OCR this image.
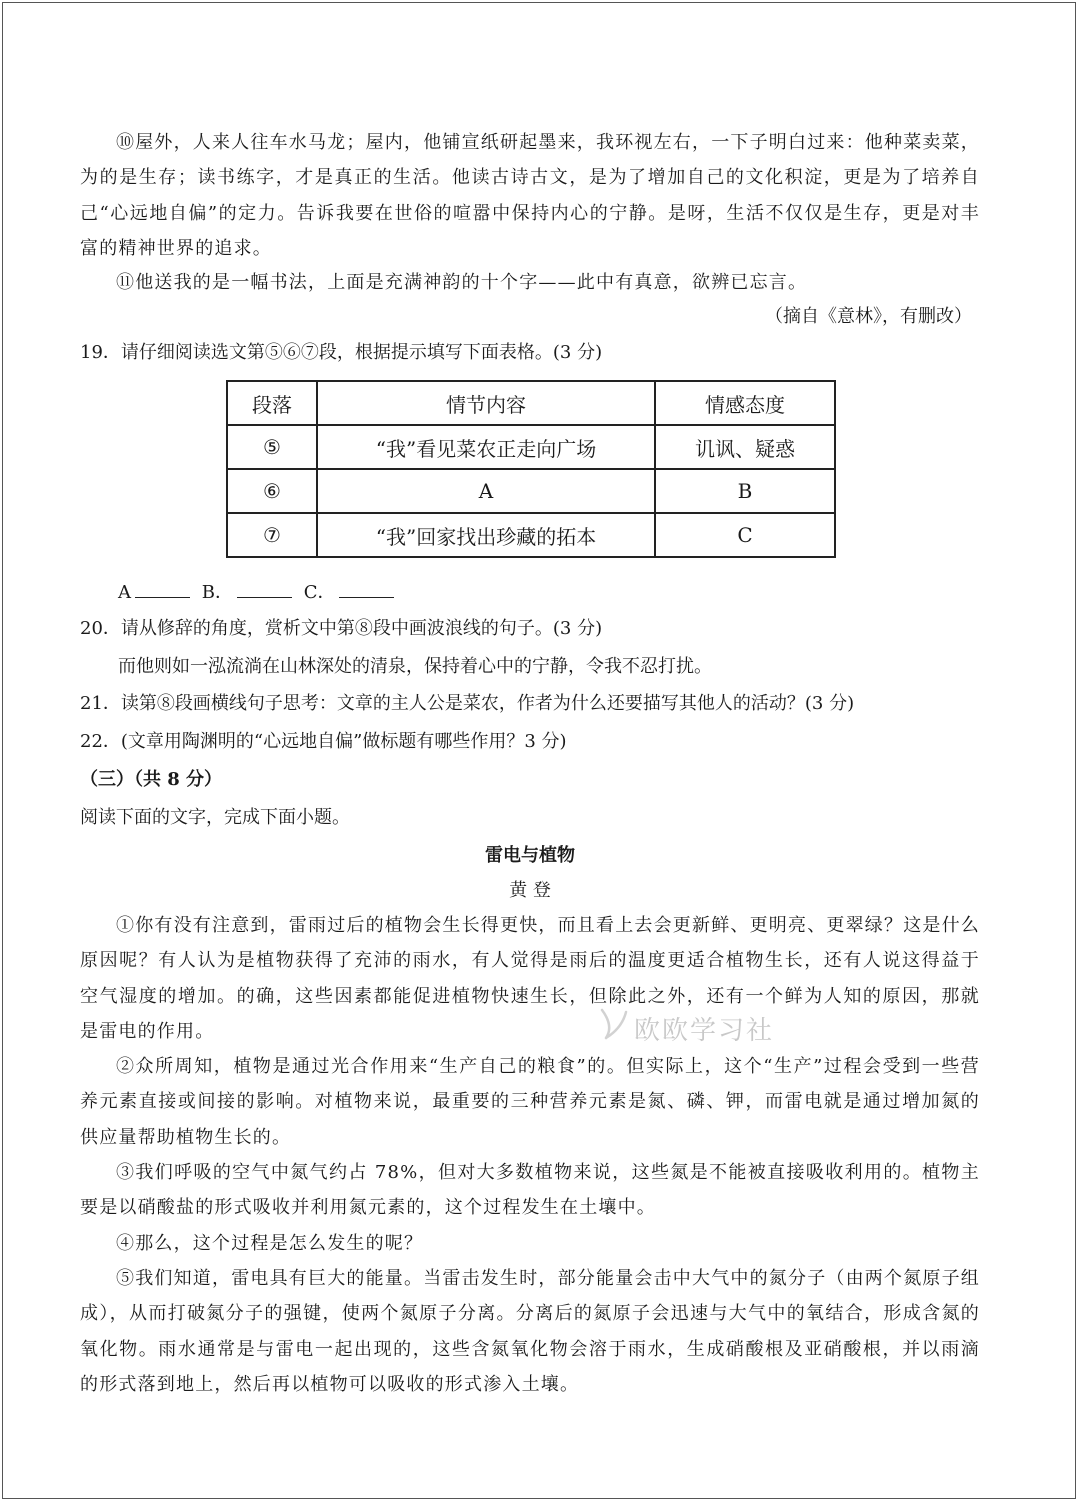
⑩屋外，人来人往车水马龙；屋内，他铺宣纸研起墨来，我环视左右，一下子明白过来：他种菜卖菜，为的是生存；读书练字，才是真正的生活。他读古诗古文，是为了增加自己的文化积淀，更是为了培养自己“心远地自偏”的定力。告诉我要在世俗的喧嚣中保持内心的宁静。是呀，生活不仅仅是生存，更是对丰富的精神世界的追求。

⑪他送我的是一幅书法，上面是充满神韵的十个字——此中有真意，欲辨已忘言。

（摘自《意林》，有删改）
19．请仔细阅读选文第⑤⑥⑦段，根据提示填写下面表格。(3 分)
段落	情节内容	情感态度
⑤	“我”看见菜农正走向广场	讥讽、疑惑
⑥	A	B
⑦	“我”回家找出珍藏的拓本	C
A	B．	C．
20．请从修辞的角度，赏析文中第⑧段中画波浪线的句子。(3 分)
而他则如一泓流淌在山林深处的清泉，保持着心中的宁静，令我不忍打扰。
21．读第⑧段画横线句子思考：文章的主人公是菜农，作者为什么还要描写其他人的活动？(3 分)
22．(文章用陶渊明的“心远地自偏”做标题有哪些作用？3 分)
（三）（共 8 分）
阅读下面的文字，完成下面小题。
雷电与植物
黄 登

①你有没有注意到，雷雨过后的植物会生长得更快，而且看上去会更新鲜、更明亮、更翠绿？这是什么原因呢？有人认为是植物获得了充沛的雨水，有人觉得是雨后的温度更适合植物生长，还有人说这得益于空气湿度的增加。的确，这些因素都能促进植物快速生长，但除此之外，还有一个鲜为人知的原因，那就是雷电的作用。

②众所周知，植物是通过光合作用来“生产自己的粮食”的。但实际上，这个“生产”过程会受到一些营养元素直接或间接的影响。对植物来说，最重要的三种营养元素是氮、磷、钾，而雷电就是通过增加氮的供应量帮助植物生长的。

③我们呼吸的空气中氮气约占 78%，但对大多数植物来说，这些氮是不能被直接吸收利用的。植物主要是以硝酸盐的形式吸收并利用氮元素的，这个过程发生在土壤中。

④那么，这个过程是怎么发生的呢？

⑤我们知道，雷电具有巨大的能量。当雷击发生时，部分能量会击中大气中的氮分子（由两个氮原子组成），从而打破氮分子的强键，使两个氮原子分离。分离后的氮原子会迅速与大气中的氧结合，形成含氮的氧化物。雨水通常是与雷电一起出现的，这些含氮氧化物会溶于雨水，生成硝酸根及亚硝酸根，并以雨滴的形式落到地上，然后再以植物可以吸收的形式渗入土壤。

欧欧学习社
